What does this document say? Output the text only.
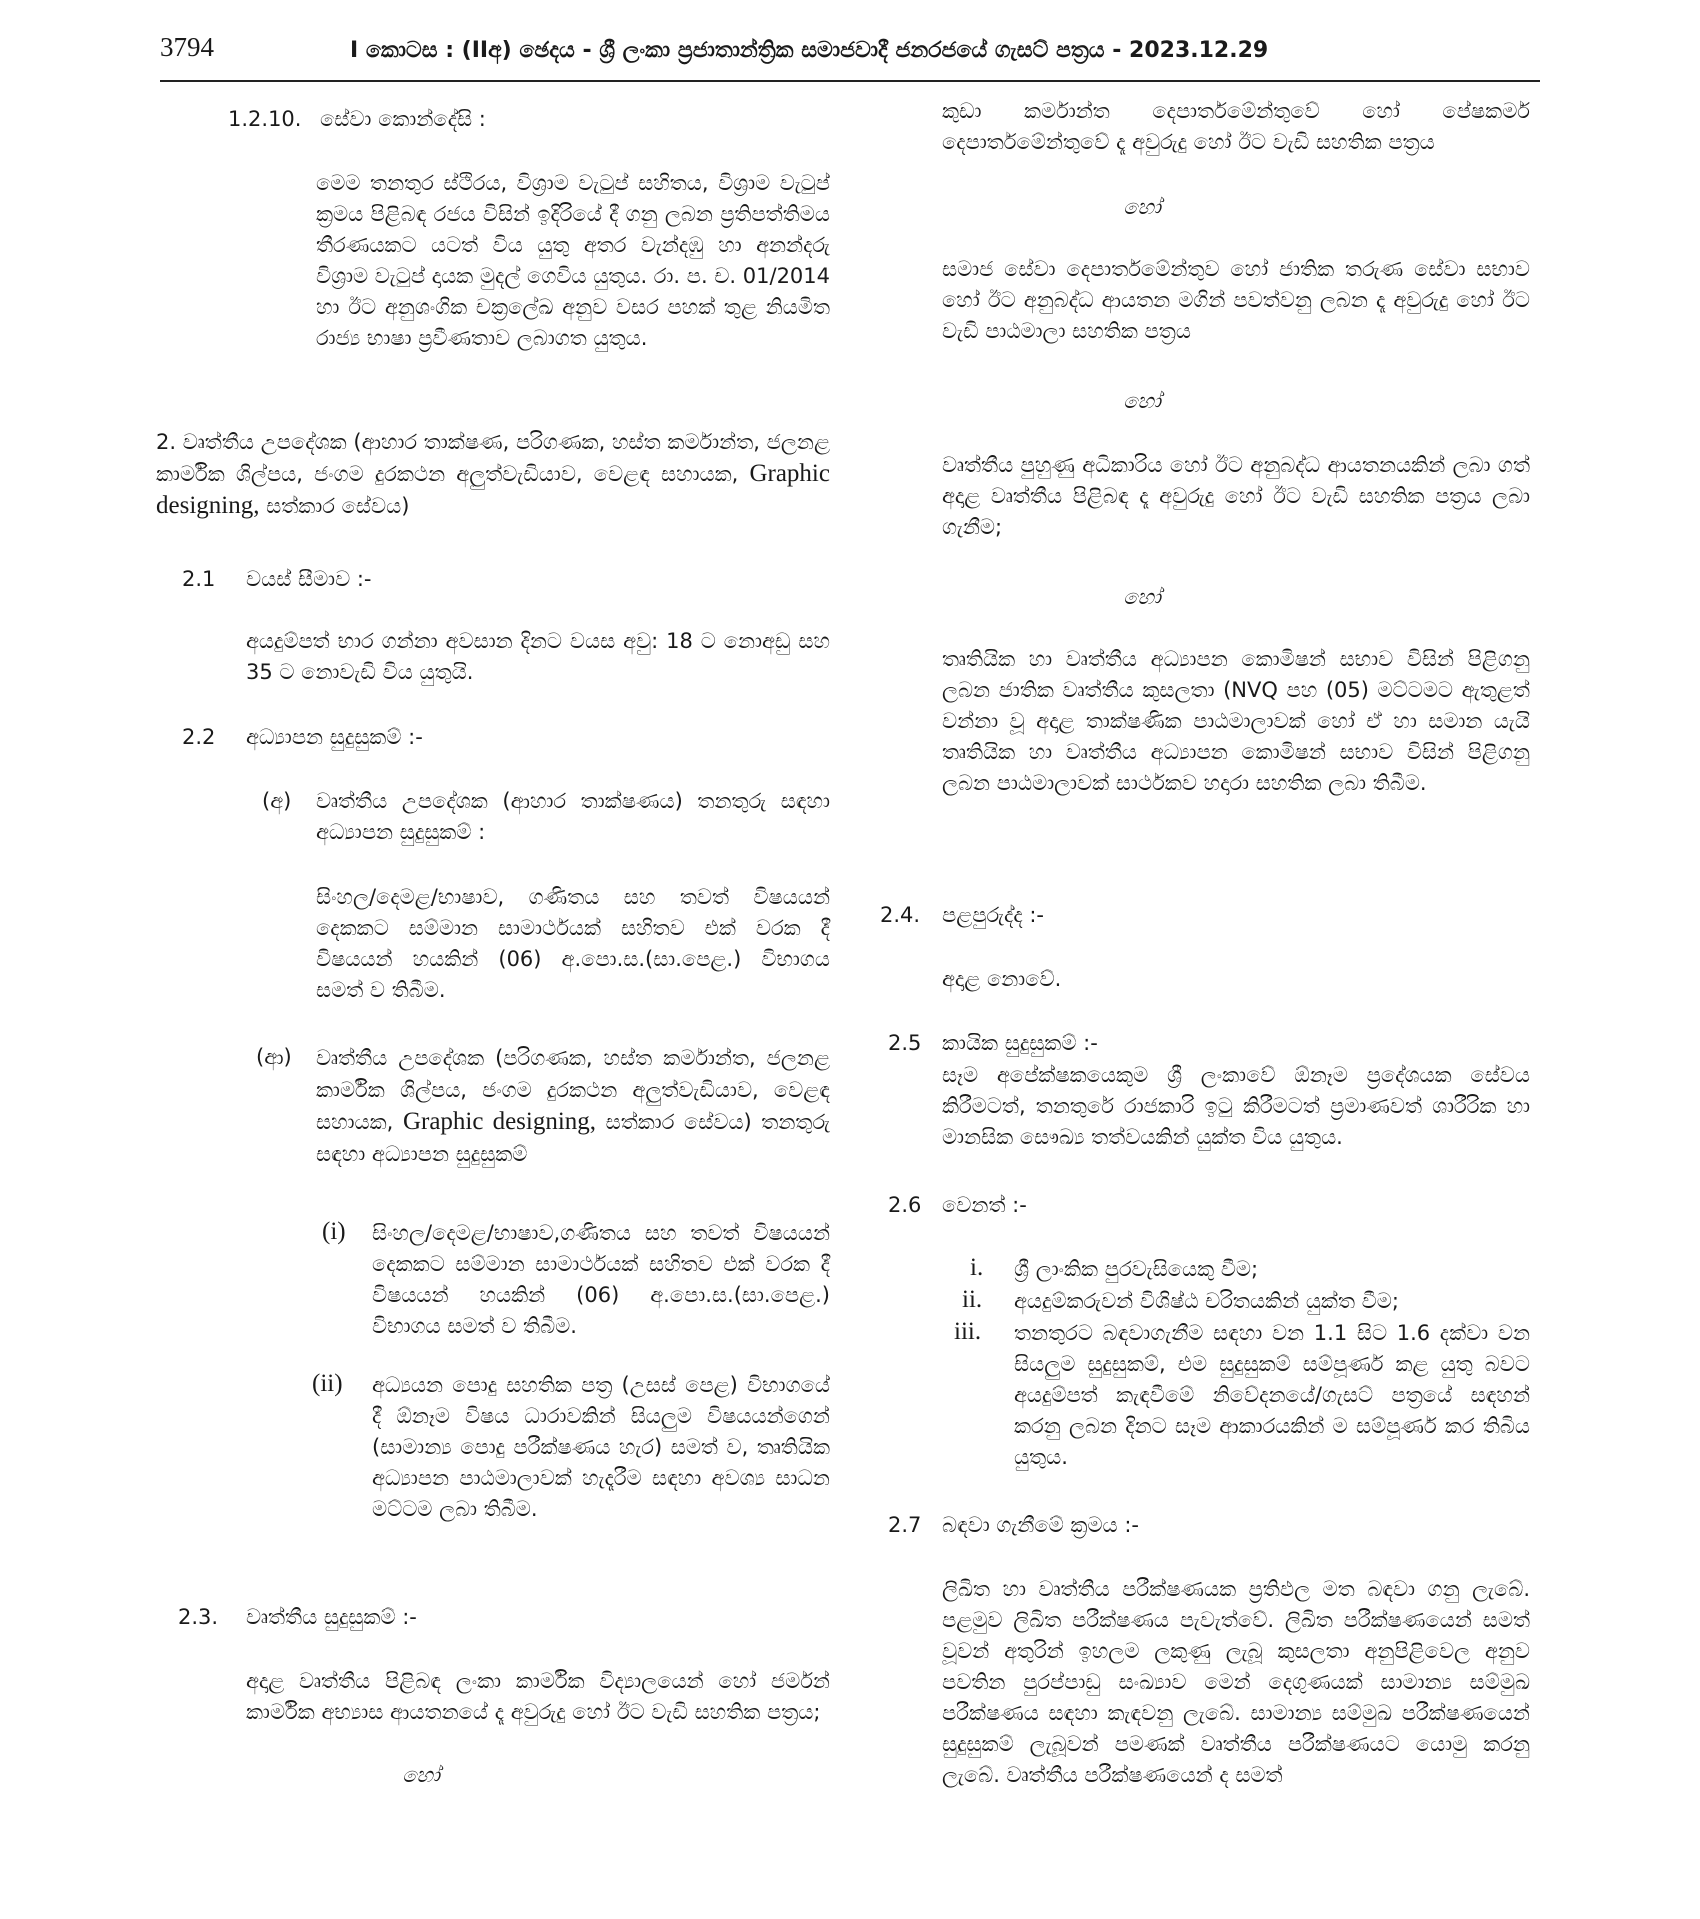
3794	I කොටස : (IIඅ) ඡෙදය - ශ්‍රී ලංකා ප්‍රජාතාන්ත්‍රික සමාජවාදී ජනරජයේ ගැසට් පත්‍රය - 2023.12.29
1.2.10. සේවා කොන්දේසි :

මෙම තනතුර ස්ථිරය, විශ්‍රාම වැටුප් සහිතය, විශ්‍රාම වැටුප් ක්‍රමය පිළිබඳ රජය විසින් ඉදිරියේ දී ගනු ලබන ප්‍රතිපත්තිමය තීරණයකට යටත් විය යුතු අතර වැන්දඹු හා අනන්දරු විශ්‍රාම වැටුප් දායක මුදල් ගෙවිය යුතුය. රා. ප. ච. 01/2014 හා ඊට අනුශංගික චක්‍රලේඛ අනුව වසර පහක් තුළ නියමිත රාජ්‍ය භාෂා ප්‍රවීණතාව ලබාගත යුතුය.

2. වෘත්තීය උපදේශක (ආහාර තාක්ෂණ, පරිගණක, හස්ත කර්මාන්ත, ජලනළ කාර්මික ශිල්පය, ජංගම දුරකථන අලුත්වැඩියාව, වෙළඳ සහායක, Graphic designing, සත්කාර සේවය)

2.1 වයස් සීමාව :-

අයදුම්පත් භාර ගන්නා අවසාන දිනට වයස අවු: 18 ට නොඅඩු සහ 35 ට නොවැඩි විය යුතුයි.

2.2 අධ්‍යාපන සුදුසුකම් :-
(අ) වෘත්තීය උපදේශක (ආහාර තාක්ෂණය) තනතුරු සඳහා අධ්‍යාපන සුදුසුකම් :

සිංහල/දෙමළ/භාෂාව, ගණිතය සහ තවත් විෂයයන් දෙකකට සම්මාන සාමාර්ථයක් සහිතව එක් වරක දී විෂයයන් හයකින් (06) අ.පො.ස.(සා.පෙළ.) විභාගය සමත් ව තිබීම.

(ආ) වෘත්තීය උපදේශක (පරිගණක, හස්ත කර්මාන්ත, ජලනළ කාර්මික ශිල්පය, ජංගම දුරකථන අලුත්වැඩියාව, වෙළඳ සහායක, Graphic designing, සත්කාර සේවය) තනතුරු සඳහා අධ්‍යාපන සුදුසුකම්

(i) සිංහල/දෙමළ/භාෂාව,ගණිතය සහ තවත් විෂයයන් දෙකකට සම්මාන සාමාර්ථයක් සහිතව එක් වරක දී විෂයයන් හයකින් (06) අ.පො.ස.(සා.පෙළ.) විභාගය සමත් ව තිබීම.

(ii) අධ්‍යයන පොදු සහතික පත්‍ර (උසස් පෙළ) විභාගයේ දී ඕනෑම විෂය ධාරාවකින් සියලුම විෂයයන්ගෙන් (සාමාන්‍ය පොදු පරීක්ෂණය හැර) සමත් ව, තෘතියික අධ්‍යාපන පාඨමාලාවක් හැදෑරීම සඳහා අවශ්‍ය සාධන මට්ටම ලබා තිබීම.

2.3. වෘත්තීය සුදුසුකම් :-

අදාළ වෘත්තීය පිළිබඳ ලංකා කාර්මික විද්‍යාලයෙන් හෝ ජර්මන් කාර්මික අභ්‍යාස ආයතනයේ දෑ අවුරුදු හෝ ඊට වැඩි සහතික පත්‍රය;

හෝ

කුඩා කර්මාන්ත දෙපාර්තමේන්තුවේ හෝ පේෂකර්ම දෙපාර්තමේන්තුවේ දෑ අවුරුදු හෝ ඊට වැඩි සහතික පත්‍රය

හෝ

සමාජ සේවා දෙපාර්තමේන්තුව හෝ ජාතික තරුණ සේවා සභාව හෝ ඊට අනුබද්ධ ආයතන මගින් පවත්වනු ලබන දෑ අවුරුදු හෝ ඊට වැඩි පාඨමාලා සහතික පත්‍රය

හෝ

වෘත්තීය පුහුණු අධිකාරිය හෝ ඊට අනුබද්ධ ආයතනයකින් ලබා ගත් අදාළ වෘත්තීය පිළිබඳ දෑ අවුරුදු හෝ ඊට වැඩි සහතික පත්‍රය ලබා ගැනීම;

හෝ

තෘතියික හා වෘත්තීය අධ්‍යාපන කොමිෂන් සභාව විසින් පිළිගනු ලබන ජාතික වෘත්තීය කුසලතා (NVQ පහ (05) මට්ටමට ඇතුළත් වන්නා වූ අදාළ තාක්ෂණික පාඨමාලාවක් හෝ ඒ හා සමාන යැයි තෘතියික හා වෘත්තීය අධ්‍යාපන කොමිෂන් සභාව විසින් පිළිගනු ලබන පාඨමාලාවක් සාර්ථකව හදාරා සහතික ලබා තිබීම.

2.4. පළපුරුද්ද :-

අදාළ නොවේ.

2.5 කායික සුදුසුකම් :-

සෑම අපේක්ෂකයෙකුම ශ්‍රී ලංකාවේ ඕනෑම ප්‍රදේශයක සේවය කිරීමටත්, තනතුරේ රාජකාරි ඉටු කිරීමටත් ප්‍රමාණවත් ශාරීරික හා මානසික සෞඛ්‍ය තත්වයකින් යුක්ත විය යුතුය.

2.6 වෙනත් :-
i. ශ්‍රී ලාංකික පුරවැසියෙකු වීම;

ii. අයදුම්කරුවන් විශිෂ්ඨ චරිතයකින් යුක්ත වීම;

iii. තනතුරට බඳවාගැනීම සඳහා වන 1.1 සිට 1.6 දක්වා වන සියලුම සුදුසුකම්, එම සුදුසුකම් සම්පූර්ණ කළ යුතු බවට අයදුම්පත් කැඳවීමේ නිවේදනයේ/ගැසට් පත්‍රයේ සඳහන් කරනු ලබන දිනට සෑම ආකාරයකින් ම සම්පූර්ණ කර තිබිය යුතුය.

2.7 බඳවා ගැනීමේ ක්‍රමය :-

ලිඛිත හා වෘත්තීය පරීක්ෂණයක ප්‍රතිඵල මත බඳවා ගනු ලැබේ. පළමුව ලිඛිත පරීක්ෂණය පැවැත්වේ. ලිඛිත පරීක්ෂණයෙන් සමත් වූවන් අතුරින් ඉහලම ලකුණු ලැබූ කුසලතා අනුපිළිවෙල අනුව පවතින පුරප්පාඩු සංඛ්‍යාව මෙන් දෙගුණයක් සාමාන්‍ය සම්මුඛ පරීක්ෂණය සඳහා කැඳවනු ලැබේ. සාමාන්‍ය සම්මුඛ පරීක්ෂණයෙන් සුදුසුකම් ලැබූවන් පමණක් වෘත්තීය පරීක්ෂණයට යොමු කරනු ලැබේ. වෘත්තීය පරීක්ෂණයෙන් ද සමත්
